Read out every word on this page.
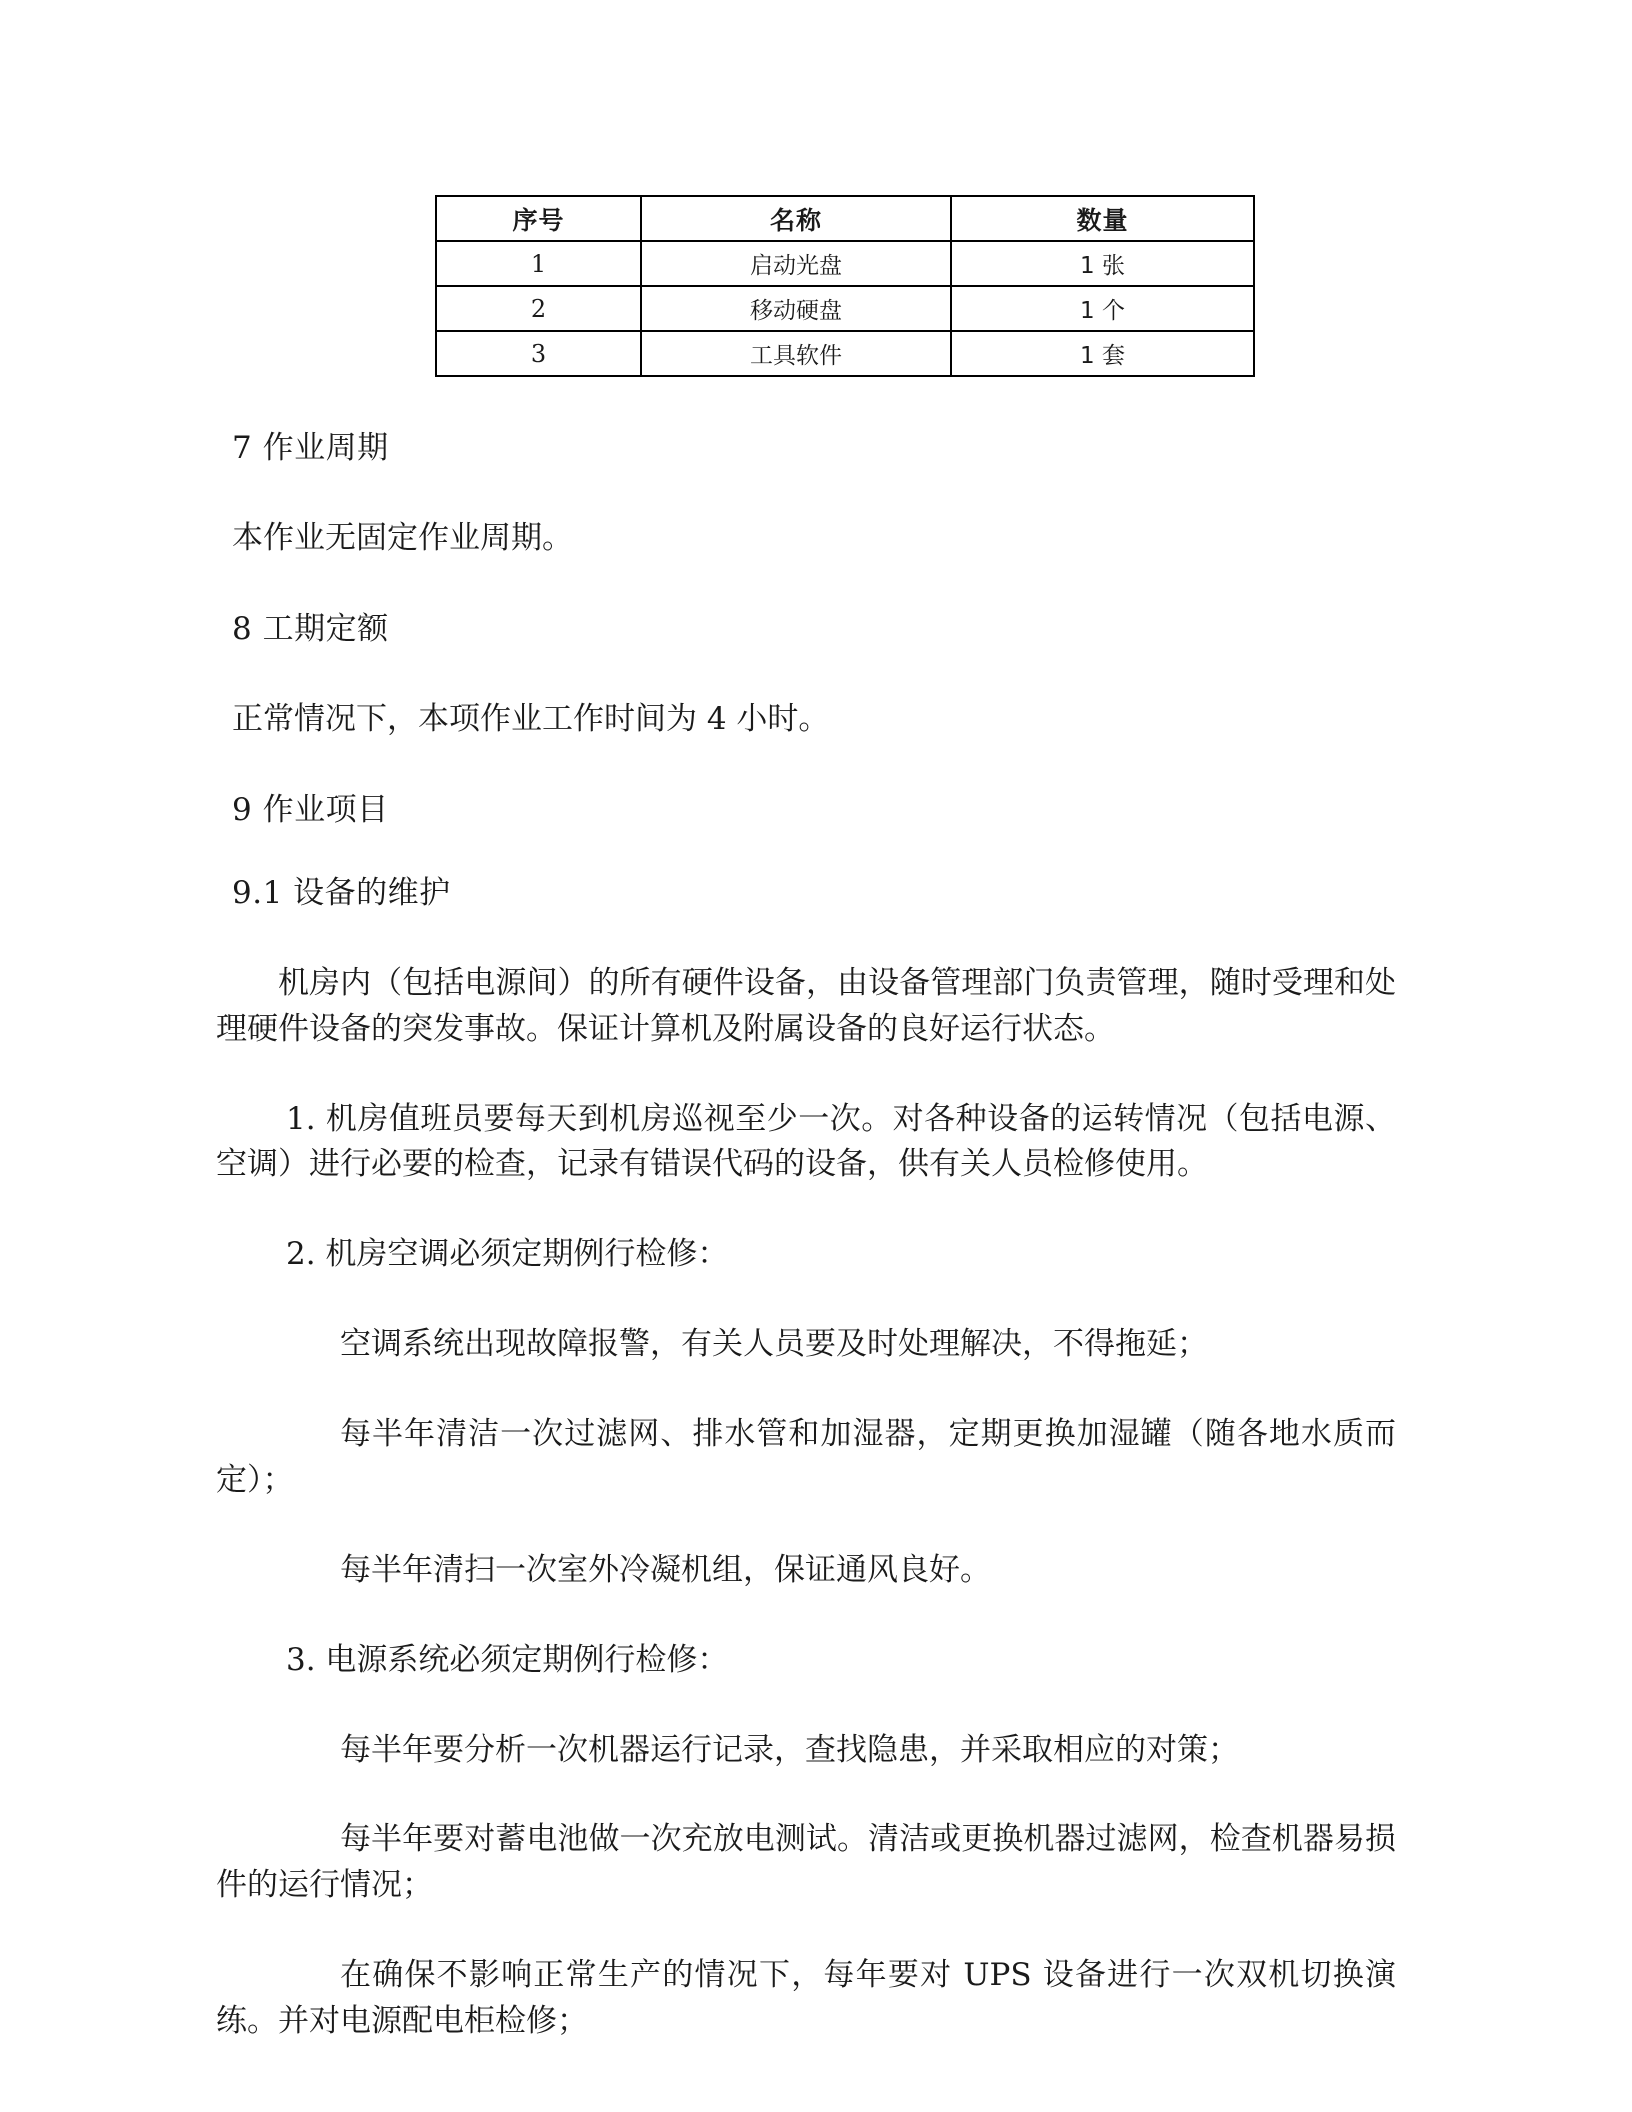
序号	名称	数量
1	启动光盘	1 张
2	移动硬盘	1 个
3	工具软件	1 套

7 作业周期

本作业无固定作业周期。

8 工期定额

正常情况下，本项作业工作时间为 4 小时。

9 作业项目

9.1 设备的维护

机房内（包括电源间）的所有硬件设备，由设备管理部门负责管理，随时受理和处理硬件设备的突发事故。保证计算机及附属设备的良好运行状态。

1. 机房值班员要每天到机房巡视至少一次。对各种设备的运转情况（包括电源、空调）进行必要的检查，记录有错误代码的设备，供有关人员检修使用。

2. 机房空调必须定期例行检修：

空调系统出现故障报警，有关人员要及时处理解决，不得拖延；

每半年清洁一次过滤网、排水管和加湿器，定期更换加湿罐（随各地水质而定）；

每半年清扫一次室外冷凝机组，保证通风良好。

3. 电源系统必须定期例行检修：

每半年要分析一次机器运行记录，查找隐患，并采取相应的对策；

每半年要对蓄电池做一次充放电测试。清洁或更换机器过滤网，检查机器易损件的运行情况；

在确保不影响正常生产的情况下，每年要对 UPS 设备进行一次双机切换演练。并对电源配电柜检修；
